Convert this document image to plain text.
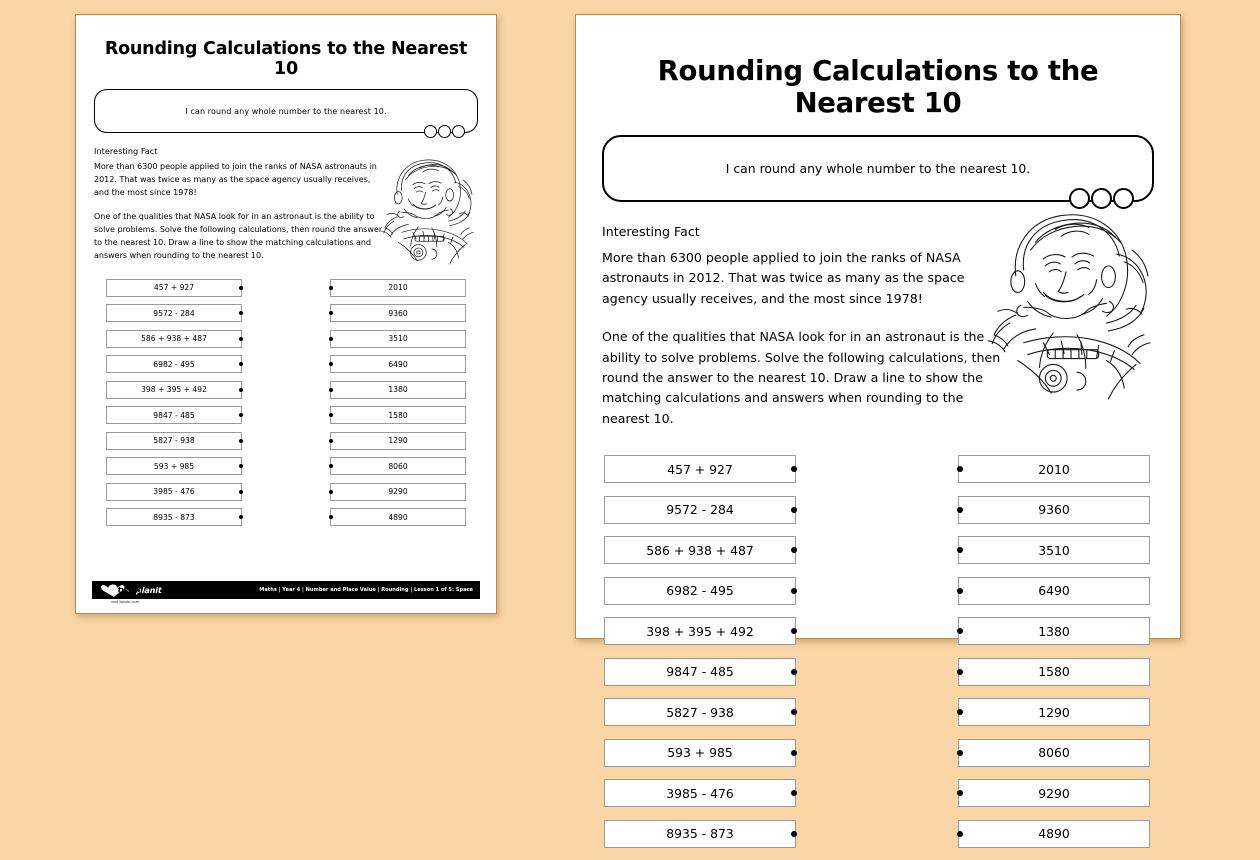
Rounding Calculations to the Nearest 10
I can round any whole number to the nearest 10.
Interesting Fact

More than 6300 people applied to join the ranks of NASA astronauts in 2012. That was twice as many as the space agency usually receives, and the most since 1978!

One of the qualities that NASA look for in an astronaut is the ability to solve problems. Solve the following calculations, then round the answer to the nearest 10. Draw a line to show the matching calculations and answers when rounding to the nearest 10.

457 + 927
9572 - 284
586 + 938 + 487
6982 - 495
398 + 395 + 492
9847 - 485
5827 - 938
593 + 985
3985 - 476
8935 - 873
2010
9360
3510
6490
1380
1580
1290
8060
9290
4890
twinkl
planit
visit twinkl.com
Maths | Year 4 | Number and Place Value | Rounding | Lesson 1 of 5: Space
Rounding Calculations to the Nearest 10
I can round any whole number to the nearest 10.
Interesting Fact

More than 6300 people applied to join the ranks of NASA astronauts in 2012. That was twice as many as the space agency usually receives, and the most since 1978!

One of the qualities that NASA look for in an astronaut is the ability to solve problems. Solve the following calculations, then round the answer to the nearest 10. Draw a line to show the matching calculations and answers when rounding to the nearest 10.

457 + 927
9572 - 284
586 + 938 + 487
6982 - 495
398 + 395 + 492
9847 - 485
5827 - 938
593 + 985
3985 - 476
8935 - 873
2010
9360
3510
6490
1380
1580
1290
8060
9290
4890
